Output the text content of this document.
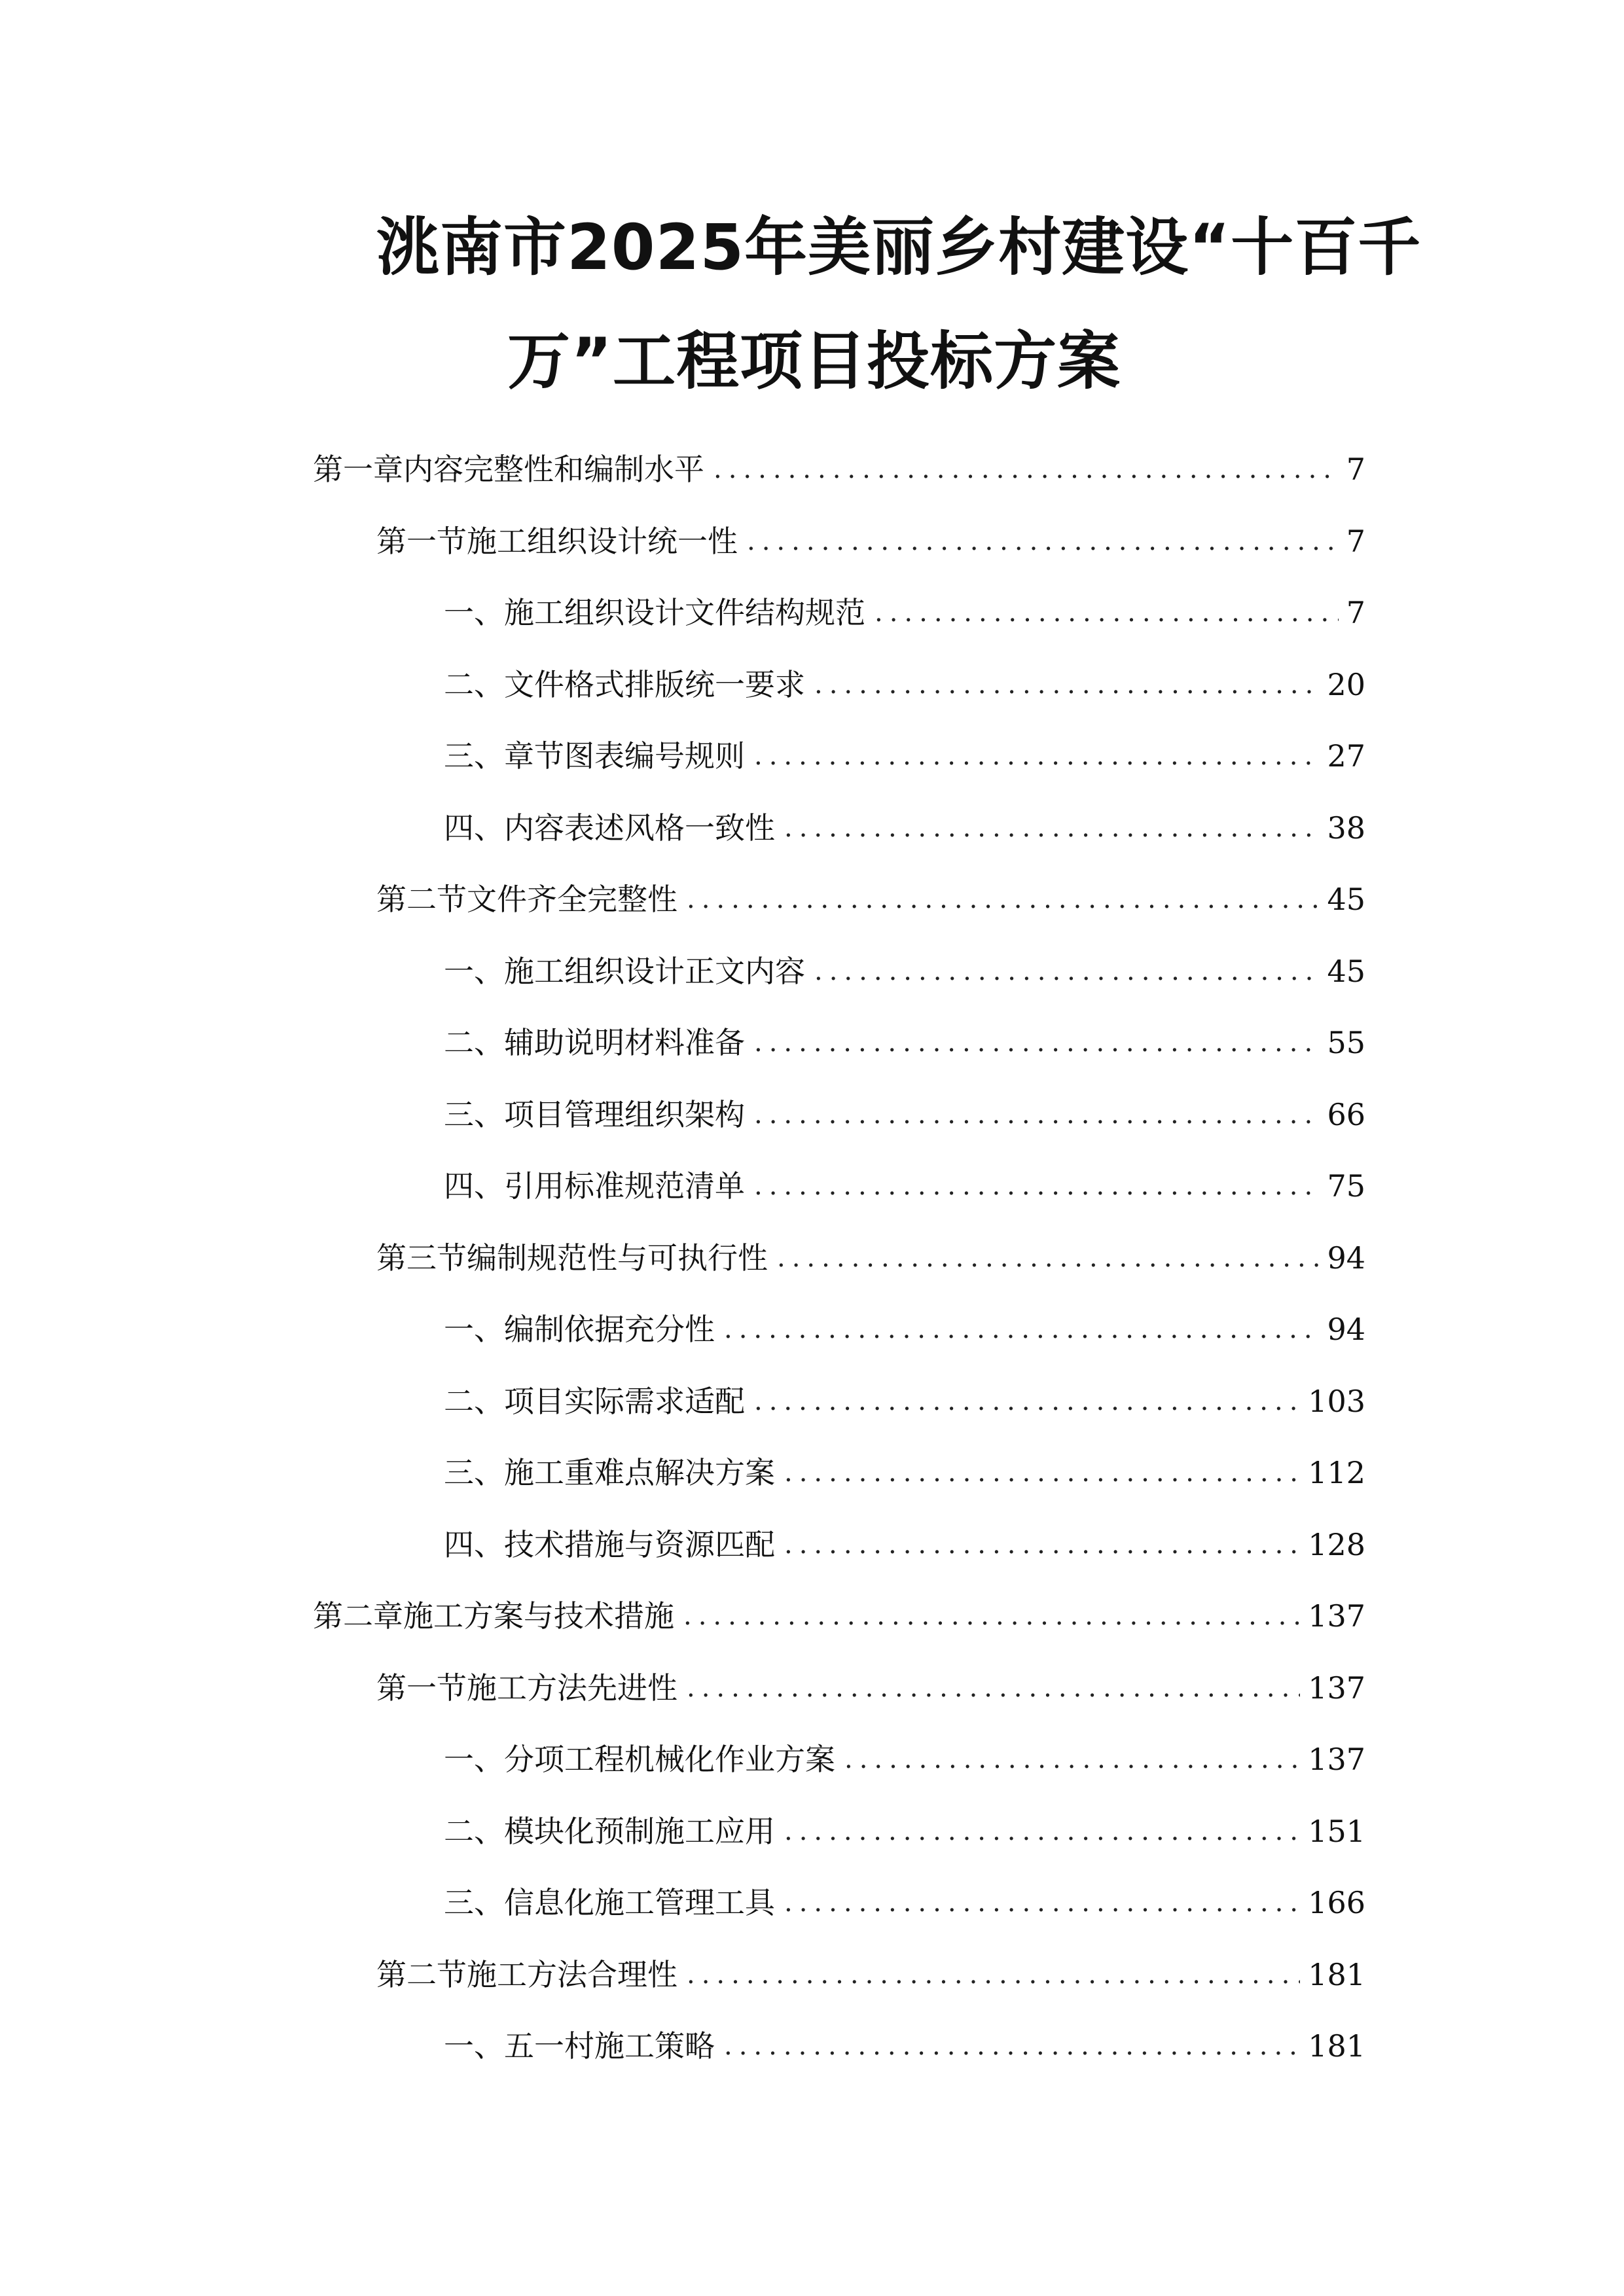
洮南市2025年美丽乡村建设“十百千
万”工程项目投标方案
第一章 内容完整性和编制水平 .....	7
第一节 施工组织设计统一性 .....	7
一、 施工组织设计文件结构规范 .....	7
二、 文件格式排版统一要求 .....	20
三、 章节图表编号规则 .....	27
四、 内容表述风格一致性 .....	38
第二节 文件齐全完整性 .....	45
一、 施工组织设计正文内容 .....	45
二、 辅助说明材料准备 .....	55
三、 项目管理组织架构 .....	66
四、 引用标准规范清单 .....	75
第三节 编制规范性与可执行性 .....	94
一、 编制依据充分性 .....	94
二、 项目实际需求适配 .....	103
三、 施工重难点解决方案 .....	112
四、 技术措施与资源匹配 .....	128
第二章 施工方案与技术措施 .....	137
第一节 施工方法先进性 .....	137
一、 分项工程机械化作业方案 .....	137
二、 模块化预制施工应用 .....	151
三、 信息化施工管理工具 .....	166
第二节 施工方法合理性 .....	181
一、 五一村施工策略 .....	181
